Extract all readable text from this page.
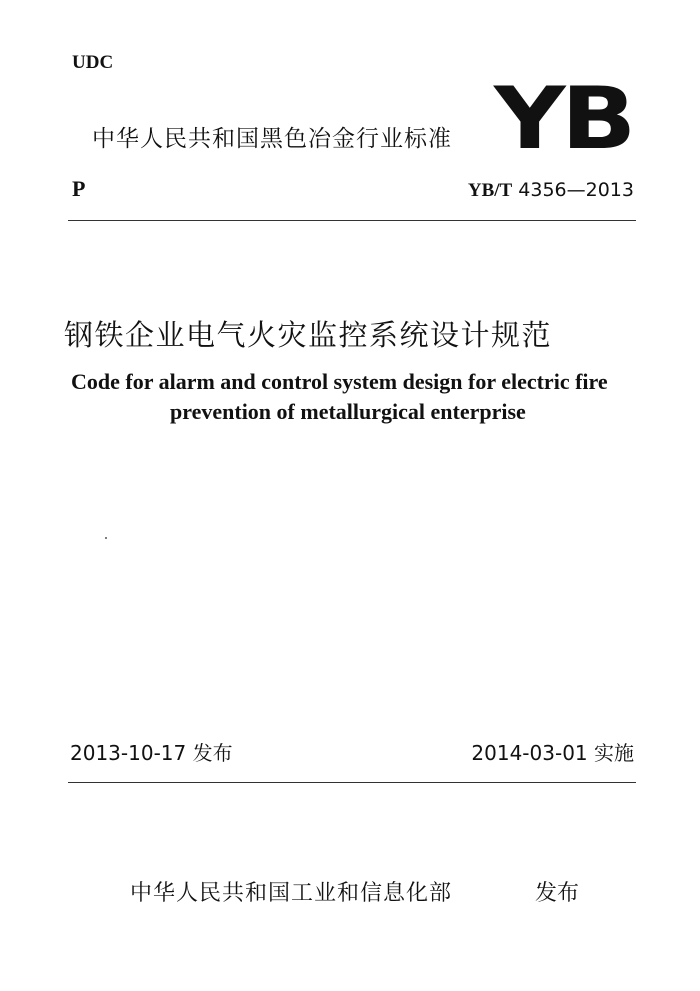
UDC
中华人民共和国黑色冶金行业标准 YB
P	YB/T 4356—2013
钢铁企业电气火灾监控系统设计规范
Code for alarm and control system design for electric fire
prevention of metallurgical enterprise
2013-10-17 发布	2014-03-01 实施
中华人民共和国工业和信息化部	发布
